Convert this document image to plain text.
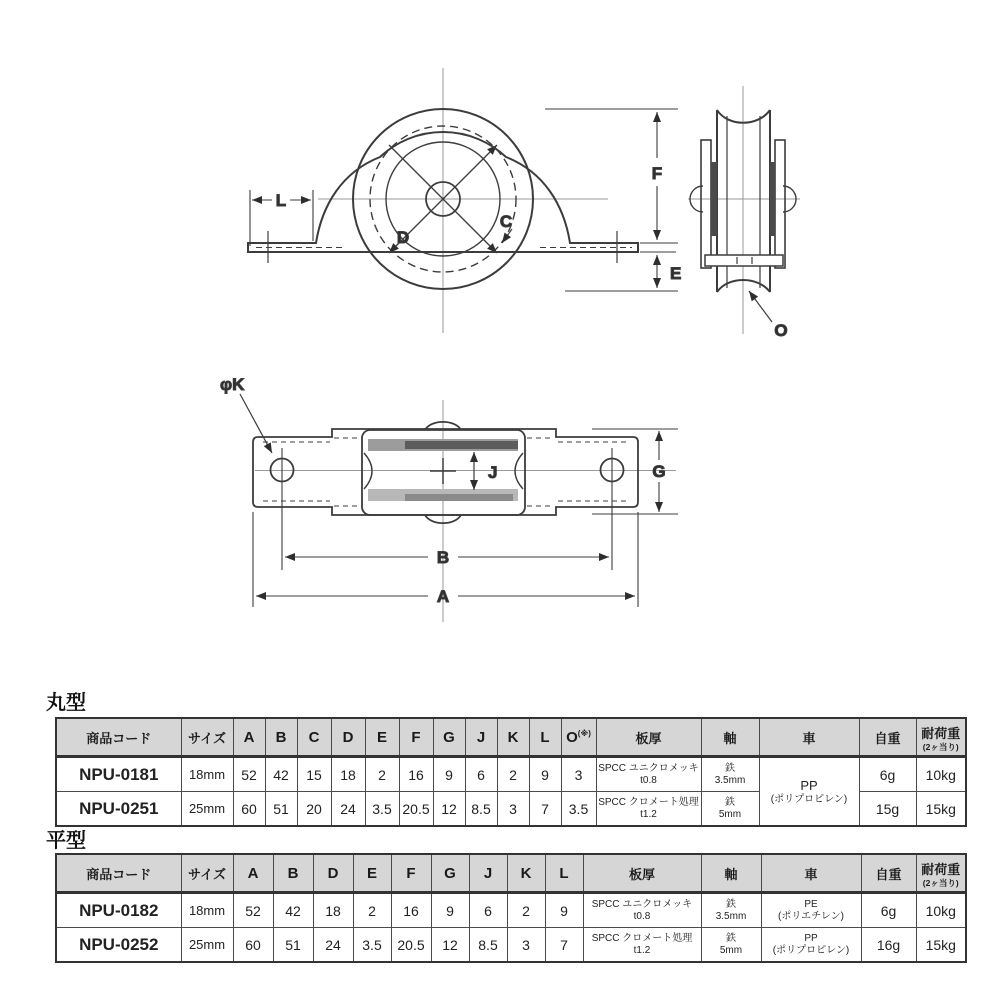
L
F
E
D
C
O
φK
J	G
B
A
丸型
商品コード	サイズ	A	B	C	D	E	F	G	J	K	L	O(※)	板厚	軸	車	自重	耐荷重
(2ヶ当り)

NPU-0181	18mm	52	42	15	18	2	16	9	6	2	9	3	SPCC ユニクロメッキ
t0.8

鉄
3.5mm	PP
(ポリプロピレン)
	6g	10kg
NPU-0251	25mm	60	51	20	24	3.5	20.5	12	8.5	3	7	3.5	SPCC クロメート処理
t1.2

鉄
5mm	15g	15kg
平型
商品コード	サイズ	A	B	D	E	F	G	J	K	L	板厚	軸	車	自重	耐荷重
(2ヶ当り)

NPU-0182	18mm	52	42	18	2	16	9	6	2	9	SPCC ユニクロメッキ
t0.8

鉄
3.5mm

PE
(ポリエチレン)	6g	10kg
NPU-0252	25mm	60	51	24	3.5	20.5	12	8.5	3	7	SPCC クロメート処理
t1.2

鉄
5mm

PP
(ポリプロピレン)	16g	15kg
